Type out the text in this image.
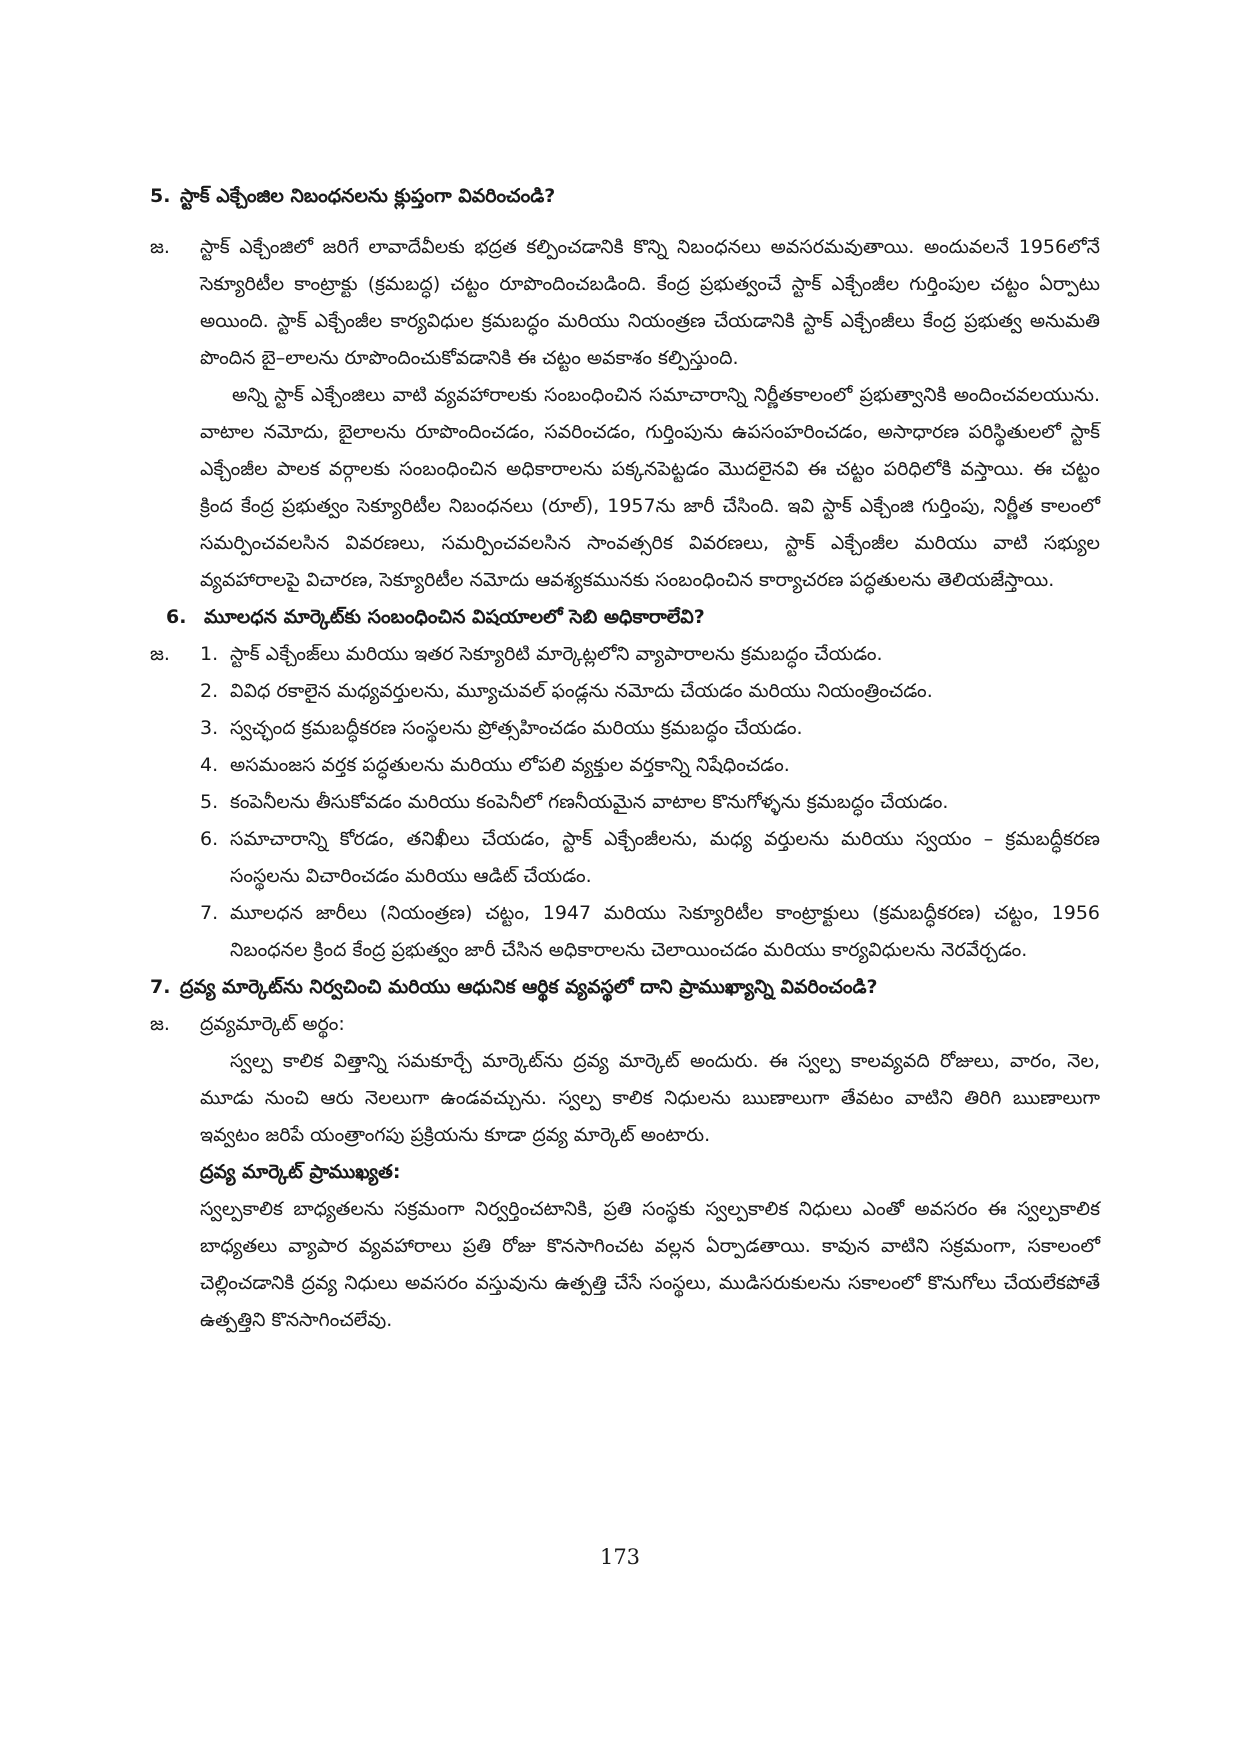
5. స్టాక్ ఎక్చేంజిల నిబంధనలను క్లుప్తంగా వివరించండి?
జ.	స్టాక్ ఎక్చేంజిలో జరిగే లావాదేవీలకు భద్రత కల్పించడానికి కొన్ని నిబంధనలు అవసరమవుతాయి. అందువలనే 1956లోనే సెక్యూరిటీల కాంట్రాక్టు (క్రమబద్ధ) చట్టం రూపొందించబడింది. కేంద్ర ప్రభుత్వంచే స్టాక్ ఎక్చేంజీల గుర్తింపుల చట్టం ఏర్పాటు అయింది. స్టాక్ ఎక్చేంజీల కార్యవిధుల క్రమబద్ధం మరియు నియంత్రణ చేయడానికి స్టాక్ ఎక్చేంజీలు కేంద్ర ప్రభుత్వ అనుమతి పొందిన బై–లాలను రూపొందించుకోవడానికి ఈ చట్టం అవకాశం కల్పిస్తుంది.

అన్ని స్టాక్ ఎక్చేంజిలు వాటి వ్యవహారాలకు సంబంధించిన సమాచారాన్ని నిర్ణీతకాలంలో ప్రభుత్వానికి అందించవలయును. వాటాల నమోదు, బైలాలను రూపొందించడం, సవరించడం, గుర్తింపును ఉపసంహరించడం, అసాధారణ పరిస్థితులలో స్టాక్ ఎక్చేంజీల పాలక వర్గాలకు సంబంధించిన అధికారాలను పక్కనపెట్టడం మొదలైనవి ఈ చట్టం పరిధిలోకి వస్తాయి. ఈ చట్టం క్రింద కేంద్ర ప్రభుత్వం సెక్యూరిటీల నిబంధనలు (రూల్), 1957ను జారీ చేసింది. ఇవి స్టాక్ ఎక్చేంజి గుర్తింపు, నిర్ణీత కాలంలో సమర్పించవలసిన వివరణలు, సమర్పించవలసిన సాంవత్సరిక వివరణలు, స్టాక్ ఎక్చేంజీల మరియు వాటి సభ్యుల వ్యవహారాలపై విచారణ, సెక్యూరిటీల నమోదు ఆవశ్యకమునకు సంబంధించిన కార్యాచరణ పద్ధతులను తెలియజేస్తాయి.

6. మూలధన మార్కెట్‌కు సంబంధించిన విషయాలలో సెబి అధికారాలేవి?
జ.	1. స్టాక్ ఎక్చేంజ్‌లు మరియు ఇతర సెక్యూరిటి మార్కెట్లలోని వ్యాపారాలను క్రమబద్ధం చేయడం.
2. వివిధ రకాలైన మధ్యవర్తులను, మ్యూచువల్ ఫండ్లను నమోదు చేయడం మరియు నియంత్రించడం.
3. స్వచ్ఛంద క్రమబద్ధీకరణ సంస్థలను ప్రోత్సహించడం మరియు క్రమబద్ధం చేయడం.
4. అసమంజస వర్తక పద్ధతులను మరియు లోపలి వ్యక్తుల వర్తకాన్ని నిషేధించడం.
5. కంపెనీలను తీసుకోవడం మరియు కంపెనీలో గణనీయమైన వాటాల కొనుగోళ్ళను క్రమబద్ధం చేయడం.
6. సమాచారాన్ని కోరడం, తనిఖీలు చేయడం, స్టాక్ ఎక్చేంజీలను, మధ్య వర్తులను మరియు స్వయం – క్రమబద్ధీకరణ సంస్థలను విచారించడం మరియు ఆడిట్ చేయడం.
7. మూలధన జారీలు (నియంత్రణ) చట్టం, 1947 మరియు సెక్యూరిటీల కాంట్రాక్టులు (క్రమబద్ధీకరణ) చట్టం, 1956 నిబంధనల క్రింద కేంద్ర ప్రభుత్వం జారీ చేసిన అధికారాలను చెలాయించడం మరియు కార్యవిధులను నెరవేర్చడం.
7. ద్రవ్య మార్కెట్‌ను నిర్వచించి మరియు ఆధునిక ఆర్థిక వ్యవస్థలో దాని ప్రాముఖ్యాన్ని వివరించండి?
జ.	ద్రవ్యమార్కెట్ అర్థం:

స్వల్ప కాలిక విత్తాన్ని సమకూర్చే మార్కెట్‌ను ద్రవ్య మార్కెట్ అందురు. ఈ స్వల్ప కాలవ్యవది రోజులు, వారం, నెల, మూడు నుంచి ఆరు నెలలుగా ఉండవచ్చును. స్వల్ప కాలిక నిధులను ఋణాలుగా తేవటం వాటిని తిరిగి ఋణాలుగా ఇవ్వటం జరిపే యంత్రాంగపు ప్రక్రియను కూడా ద్రవ్య మార్కెట్ అంటారు.

ద్రవ్య మార్కెట్ ప్రాముఖ్యత:

స్వల్పకాలిక బాధ్యతలను సక్రమంగా నిర్వర్తించటానికి, ప్రతి సంస్థకు స్వల్పకాలిక నిధులు ఎంతో అవసరం ఈ స్వల్పకాలిక బాధ్యతలు వ్యాపార వ్యవహారాలు ప్రతి రోజు కొనసాగించట వల్లన ఏర్పాడతాయి. కావున వాటిని సక్రమంగా, సకాలంలో చెల్లించడానికి ద్రవ్య నిధులు అవసరం వస్తువును ఉత్పత్తి చేసే సంస్థలు, ముడిసరుకులను సకాలంలో కొనుగోలు చేయలేకపోతే ఉత్పత్తిని కొనసాగించలేవు.

173
